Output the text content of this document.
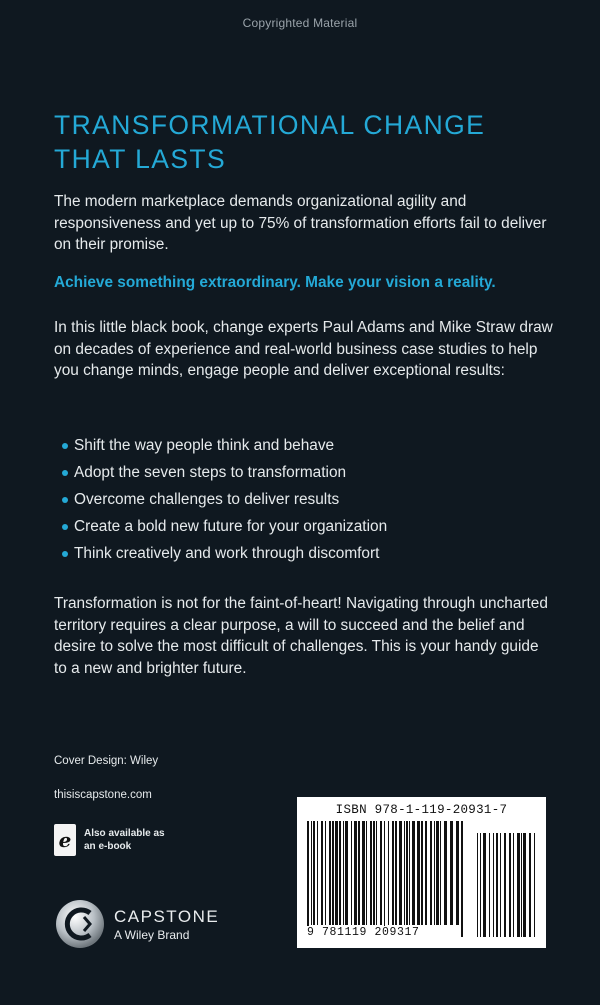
Copyrighted Material
TRANSFORMATIONAL CHANGE THAT LASTS

The modern marketplace demands organizational agility and responsiveness and yet up to 75% of transformation efforts fail to deliver on their promise.

Achieve something extraordinary. Make your vision a reality.

In this little black book, change experts Paul Adams and Mike Straw draw on decades of experience and real-world business case studies to help you change minds, engage people and deliver exceptional results:

Shift the way people think and behave
Adopt the seven steps to transformation
Overcome challenges to deliver results
Create a bold new future for your organization
Think creatively and work through discomfort

Transformation is not for the faint-of-heart! Navigating through uncharted territory requires a clear purpose, a will to succeed and the belief and desire to solve the most difficult of challenges. This is your handy guide to a new and brighter future.

Cover Design: Wiley
thisiscapstone.com
e	Also available as an e-book
CAPSTONE
A Wiley Brand
ISBN 978-1-119-20931-7
9 781119 209317
